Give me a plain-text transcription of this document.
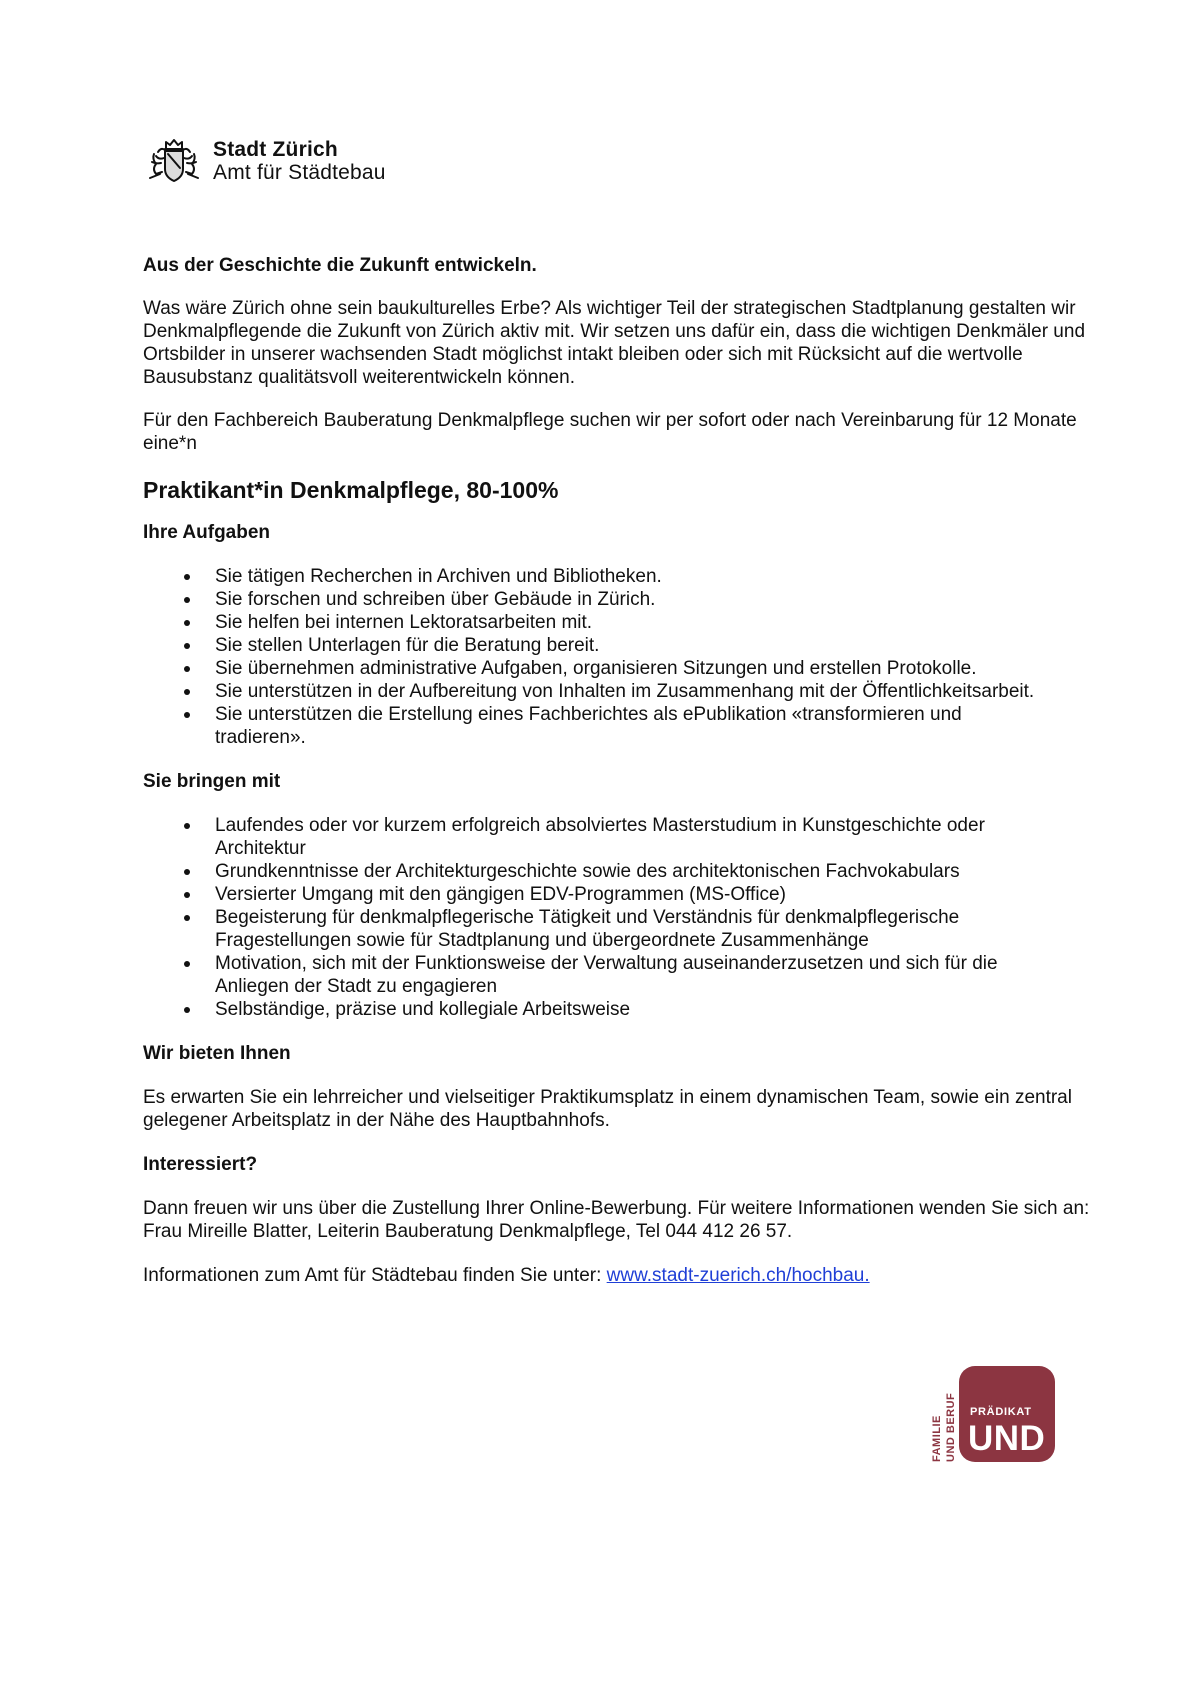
Stadt Zürich
Amt für Städtebau
Aus der Geschichte die Zukunft entwickeln.

Was wäre Zürich ohne sein baukulturelles Erbe? Als wichtiger Teil der strategischen Stadtplanung gestalten wir Denkmalpflegende die Zukunft von Zürich aktiv mit. Wir setzen uns dafür ein, dass die wichtigen Denkmäler und Ortsbilder in unserer wachsenden Stadt möglichst intakt bleiben oder sich mit Rücksicht auf die wertvolle Bausubstanz qualitätsvoll weiterentwickeln können.

Für den Fachbereich Bauberatung Denkmalpflege suchen wir per sofort oder nach Vereinbarung für 12 Monate eine*n

Praktikant*in Denkmalpflege, 80-100%
Ihre Aufgaben
Sie tätigen Recherchen in Archiven und Bibliotheken.
Sie forschen und schreiben über Gebäude in Zürich.
Sie helfen bei internen Lektoratsarbeiten mit.
Sie stellen Unterlagen für die Beratung bereit.
Sie übernehmen administrative Aufgaben, organisieren Sitzungen und erstellen Protokolle.
Sie unterstützen in der Aufbereitung von Inhalten im Zusammenhang mit der Öffentlichkeitsarbeit.
Sie unterstützen die Erstellung eines Fachberichtes als ePublikation «transformieren und tradieren».
Sie bringen mit
Laufendes oder vor kurzem erfolgreich absolviertes Masterstudium in Kunstgeschichte oder Architektur
Grundkenntnisse der Architekturgeschichte sowie des architektonischen Fachvokabulars
Versierter Umgang mit den gängigen EDV-Programmen (MS-Office)
Begeisterung für denkmalpflegerische Tätigkeit und Verständnis für denkmalpflegerische Fragestellungen sowie für Stadtplanung und übergeordnete Zusammenhänge
Motivation, sich mit der Funktionsweise der Verwaltung auseinanderzusetzen und sich für die Anliegen der Stadt zu engagieren
Selbständige, präzise und kollegiale Arbeitsweise
Wir bieten Ihnen

Es erwarten Sie ein lehrreicher und vielseitiger Praktikumsplatz in einem dynamischen Team, sowie ein zentral gelegener Arbeitsplatz in der Nähe des Hauptbahnhofs.

Interessiert?

Dann freuen wir uns über die Zustellung Ihrer Online-Bewerbung. Für weitere Informationen wenden Sie sich an: Frau Mireille Blatter, Leiterin Bauberatung Denkmalpflege, Tel 044 412 26 57.

Informationen zum Amt für Städtebau finden Sie unter: www.stadt-zuerich.ch/hochbau.

FAMILIE UND BERUF PRÄDIKAT
UND
